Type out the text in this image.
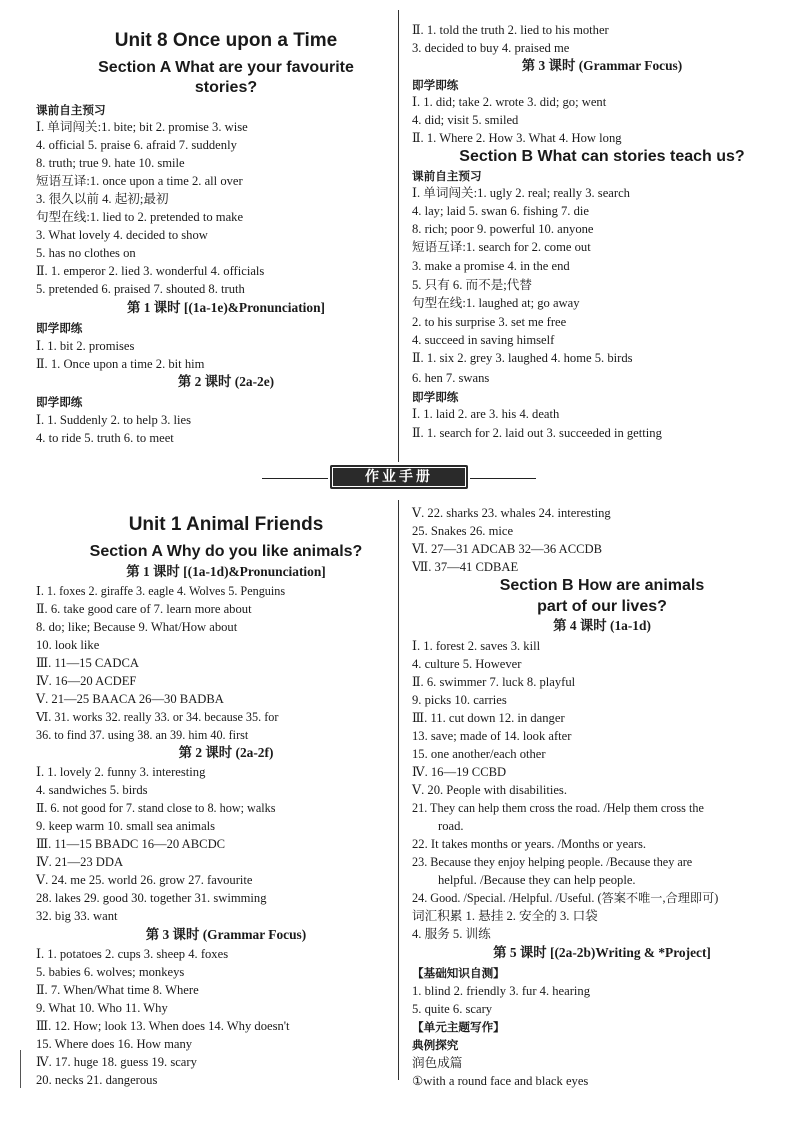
Unit 8 Once upon a Time
Section A What are your favourite
stories?
课前自主预习
Ⅰ. 单词闯关:1. bite; bit 2. promise 3. wise
4. official 5. praise 6. afraid 7. suddenly
8. truth; true 9. hate 10. smile
短语互译:1. once upon a time 2. all over
3. 很久以前 4. 起初;最初
句型在线:1. lied to 2. pretended to make
3. What lovely 4. decided to show
5. has no clothes on
Ⅱ. 1. emperor 2. lied 3. wonderful 4. officials
5. pretended 6. praised 7. shouted 8. truth
第 1 课时 [(1a-1e)&Pronunciation]
即学即练
Ⅰ. 1. bit 2. promises
Ⅱ. 1. Once upon a time 2. bit him
第 2 课时 (2a-2e)
即学即练
Ⅰ. 1. Suddenly 2. to help 3. lies
4. to ride 5. truth 6. to meet
Ⅱ. 1. told the truth 2. lied to his mother
3. decided to buy 4. praised me
第 3 课时 (Grammar Focus)
即学即练
Ⅰ. 1. did; take 2. wrote 3. did; go; went
4. did; visit 5. smiled
Ⅱ. 1. Where 2. How 3. What 4. How long
Section B What can stories teach us?
课前自主预习
Ⅰ. 单词闯关:1. ugly 2. real; really 3. search
4. lay; laid 5. swan 6. fishing 7. die
8. rich; poor 9. powerful 10. anyone
短语互译:1. search for 2. come out
3. make a promise 4. in the end
5. 只有 6. 而不是;代替
句型在线:1. laughed at; go away
2. to his surprise 3. set me free
4. succeed in saving himself
Ⅱ. 1. six 2. grey 3. laughed 4. home 5. birds
6. hen 7. swans
即学即练
Ⅰ. 1. laid 2. are 3. his 4. death
Ⅱ. 1. search for 2. laid out 3. succeeded in getting
作业手册
Unit 1 Animal Friends
Section A Why do you like animals?
第 1 课时 [(1a-1d)&Pronunciation]
Ⅰ. 1. foxes 2. giraffe 3. eagle 4. Wolves 5. Penguins
Ⅱ. 6. take good care of 7. learn more about
8. do; like; Because 9. What/How about
10. look like
Ⅲ. 11—15 CADCA
Ⅳ. 16—20 ACDEF
Ⅴ. 21—25 BAACA 26—30 BADBA
Ⅵ. 31. works 32. really 33. or 34. because 35. for
36. to find 37. using 38. an 39. him 40. first
第 2 课时 (2a-2f)
Ⅰ. 1. lovely 2. funny 3. interesting
4. sandwiches 5. birds
Ⅱ. 6. not good for 7. stand close to 8. how; walks
9. keep warm 10. small sea animals
Ⅲ. 11—15 BBADC 16—20 ABCDC
Ⅳ. 21—23 DDA
Ⅴ. 24. me 25. world 26. grow 27. favourite
28. lakes 29. good 30. together 31. swimming
32. big 33. want
第 3 课时 (Grammar Focus)
Ⅰ. 1. potatoes 2. cups 3. sheep 4. foxes
5. babies 6. wolves; monkeys
Ⅱ. 7. When/What time 8. Where
9. What 10. Who 11. Why
Ⅲ. 12. How; look 13. When does 14. Why doesn't
15. Where does 16. How many
Ⅳ. 17. huge 18. guess 19. scary
20. necks 21. dangerous
Ⅴ. 22. sharks 23. whales 24. interesting
25. Snakes 26. mice
Ⅵ. 27—31 ADCAB 32—36 ACCDB
Ⅶ. 37—41 CDBAE
Section B How are animals
part of our lives?
第 4 课时 (1a-1d)
Ⅰ. 1. forest 2. saves 3. kill
4. culture 5. However
Ⅱ. 6. swimmer 7. luck 8. playful
9. picks 10. carries
Ⅲ. 11. cut down 12. in danger
13. save; made of 14. look after
15. one another/each other
Ⅳ. 16—19 CCBD
Ⅴ. 20. People with disabilities.
21. They can help them cross the road. /Help them cross the
road.
22. It takes months or years. /Months or years.
23. Because they enjoy helping people. /Because they are
helpful. /Because they can help people.
24. Good. /Special. /Helpful. /Useful. (答案不唯一,合理即可)
词汇积累 1. 悬挂 2. 安全的 3. 口袋
4. 服务 5. 训练
第 5 课时 [(2a-2b)Writing & *Project]
【基础知识自测】
1. blind 2. friendly 3. fur 4. hearing
5. quite 6. scary
【单元主题写作】
典例探究
润色成篇
①with a round face and black eyes
